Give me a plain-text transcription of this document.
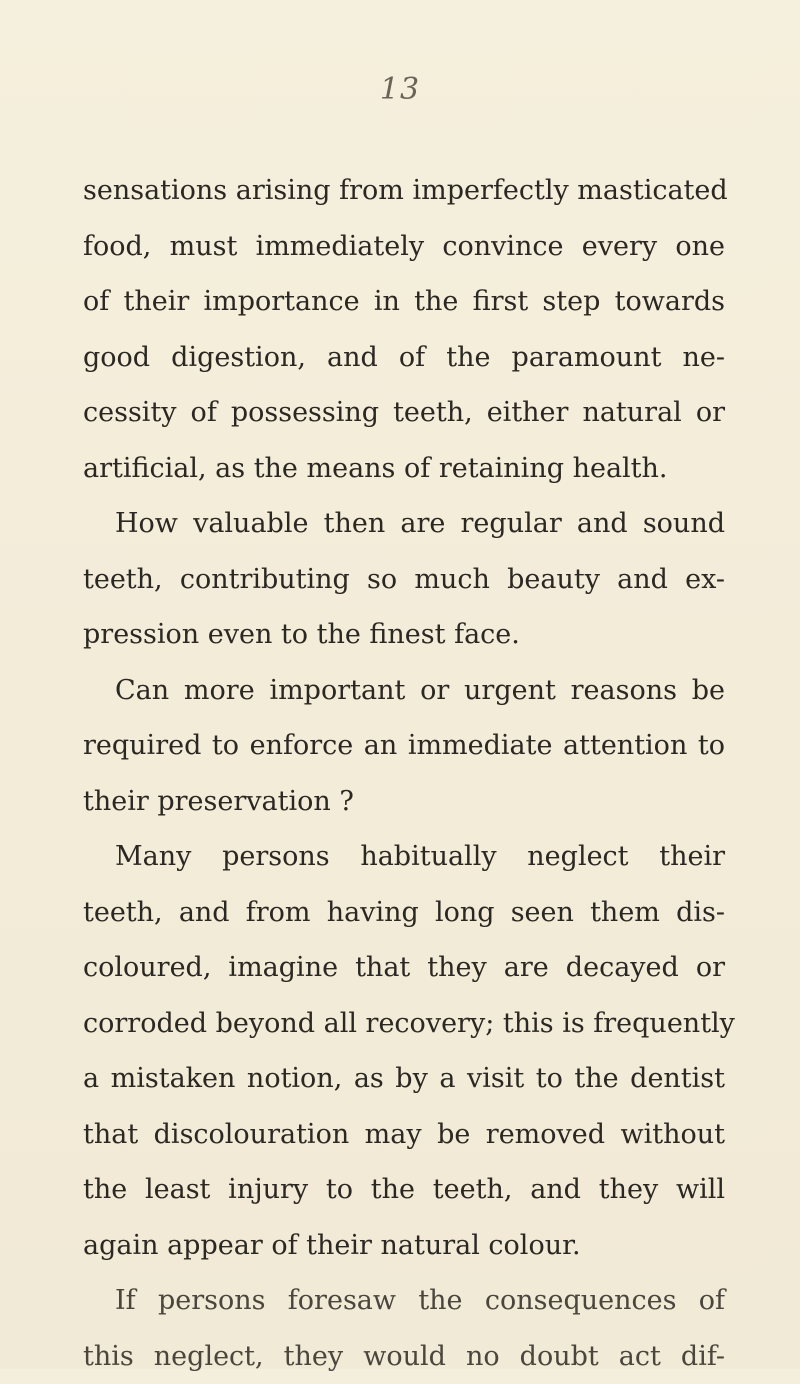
13
sensations arising from imperfectly masticated
food, must immediately convince every one
of their importance in the first step towards
good digestion, and of the paramount ne-
cessity of possessing teeth, either natural or
artificial, as the means of retaining health.
How valuable then are regular and sound
teeth, contributing so much beauty and ex-
pression even to the finest face.
Can more important or urgent reasons be
required to enforce an immediate attention to
their preservation ?
Many persons habitually neglect their
teeth, and from having long seen them dis-
coloured, imagine that they are decayed or
corroded beyond all recovery; this is frequently
a mistaken notion, as by a visit to the dentist
that discolouration may be removed without
the least injury to the teeth, and they will
again appear of their natural colour.
If persons foresaw the consequences of
this neglect, they would no doubt act dif-
